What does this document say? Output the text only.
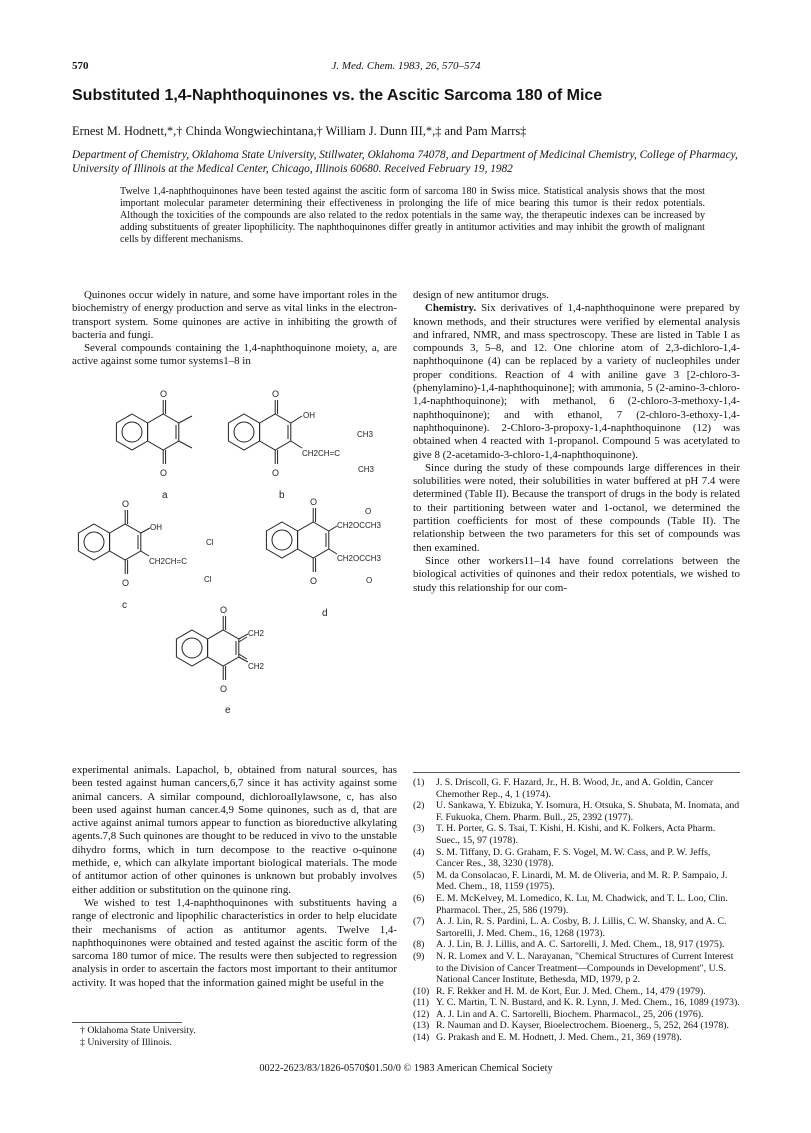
570	J. Med. Chem. 1983, 26, 570–574
Substituted 1,4-Naphthoquinones vs. the Ascitic Sarcoma 180 of Mice
Ernest M. Hodnett,*,† Chinda Wongwiechintana,† William J. Dunn III,*,‡ and Pam Marrs‡
Department of Chemistry, Oklahoma State University, Stillwater, Oklahoma 74078, and Department of Medicinal Chemistry, College of Pharmacy, University of Illinois at the Medical Center, Chicago, Illinois 60680. Received February 19, 1982
Twelve 1,4-naphthoquinones have been tested against the ascitic form of sarcoma 180 in Swiss mice. Statistical analysis shows that the most important molecular parameter determining their effectiveness in prolonging the life of mice bearing this tumor is their redox potentials. Although the toxicities of the compounds are also related to the redox potentials in the same way, the therapeutic indexes can be increased by adding substituents of greater lipophilicity. The naphthoquinones differ greatly in antitumor activities and may inhibit the growth of malignant cells by different mechanisms.

Quinones occur widely in nature, and some have important roles in the biochemistry of energy production and serve as vital links in the electron-transport system. Some quinones are active in inhibiting the growth of bacteria and fungi.

Several compounds containing the 1,4-naphthoquinone moiety, a, are active against some tumor systems1–8 in

O
O
a
O
O
OH
CH2CH=C
CH3
CH3
b
O
O
OH
CH2CH=C
Cl
Cl
c
O
O
CH2OCCH3
CH2OCCH3
O
O
d
O
O
CH2
CH2
e

experimental animals. Lapachol, b, obtained from natural sources, has been tested against human cancers,6,7 since it has activity against some animal cancers. A similar compound, dichloroallylawsone, c, has also been used against human cancer.4,9 Some quinones, such as d, that are active against animal tumors appear to function as bioreductive alkylating agents.7,8 Such quinones are thought to be reduced in vivo to the unstable dihydro forms, which in turn decompose to the reactive o-quinone methide, e, which can alkylate important biological materials. The mode of antitumor action of other quinones is unknown but probably involves either addition or substitution on the quinone ring.

We wished to test 1,4-naphthoquinones with substituents having a range of electronic and lipophilic characteristics in order to help elucidate their mechanisms of action as antitumor agents. Twelve 1,4-naphthoquinones were obtained and tested against the ascitic form of the sarcoma 180 tumor of mice. The results were then subjected to regression analysis in order to ascertain the factors most important to their antitumor activity. It was hoped that the information gained might be useful in the

† Oklahoma State University.
‡ University of Illinois.

design of new antitumor drugs.

Chemistry. Six derivatives of 1,4-naphthoquinone were prepared by known methods, and their structures were verified by elemental analysis and infrared, NMR, and mass spectroscopy. These are listed in Table I as compounds 3, 5–8, and 12. One chlorine atom of 2,3-dichloro-1,4-naphthoquinone (4) can be replaced by a variety of nucleophiles under proper conditions. Reaction of 4 with aniline gave 3 [2-chloro-3-(phenylamino)-1,4-naphthoquinone]; with ammonia, 5 (2-amino-3-chloro-1,4-naphthoquinone); with methanol, 6 (2-chloro-3-methoxy-1,4-naphthoquinone); and with ethanol, 7 (2-chloro-3-ethoxy-1,4-naphthoquinone). 2-Chloro-3-propoxy-1,4-naphthoquinone (12) was obtained when 4 reacted with 1-propanol. Compound 5 was acetylated to give 8 (2-acetamido-3-chloro-1,4-naphthoquinone).

Since during the study of these compounds large differences in their solubilities were noted, their solubilities in water buffered at pH 7.4 were determined (Table II). Because the transport of drugs in the body is related to their partitioning between water and 1-octanol, we determined the partition coefficients for most of these compounds (Table II). The relationship between the two parameters for this set of compounds was then examined.

Since other workers11–14 have found correlations between the biological activities of quinones and their redox potentials, we wished to study this relationship for our com-

(1)	J. S. Driscoll, G. F. Hazard, Jr., H. B. Wood, Jr., and A. Goldin, Cancer Chemother Rep., 4, 1 (1974).
(2)	U. Sankawa, Y. Ebizuka, Y. Isomura, H. Otsuka, S. Shubata, M. Inomata, and F. Fukuoka, Chem. Pharm. Bull., 25, 2392 (1977).
(3)	T. H. Porter, G. S. Tsai, T. Kishi, H. Kishi, and K. Folkers, Acta Pharm. Suec., 15, 97 (1978).
(4)	S. M. Tiffany, D. G. Graham, F. S. Vogel, M. W. Cass, and P. W. Jeffs, Cancer Res., 38, 3230 (1978).
(5)	M. da Consolacao, F. Linardi, M. M. de Oliveria, and M. R. P. Sampaio, J. Med. Chem., 18, 1159 (1975).
(6)	E. M. McKelvey, M. Lomedico, K. Lu, M. Chadwick, and T. L. Loo, Clin. Pharmacol. Ther., 25, 586 (1979).
(7)	A. J. Lin, R. S. Pardini, L. A. Cosby, B. J. Lillis, C. W. Shansky, and A. C. Sartorelli, J. Med. Chem., 16, 1268 (1973).
(8)	A. J. Lin, B. J. Lillis, and A. C. Sartorelli, J. Med. Chem., 18, 917 (1975).
(9)	N. R. Lomex and V. L. Narayanan, "Chemical Structures of Current Interest to the Division of Cancer Treatment—Compounds in Development", U.S. National Cancer Institute, Bethesda, MD, 1979, p 2.
(10) R. F. Rekker and H. M. de Kort, Eur. J. Med. Chem., 14, 479 (1979).
(11) Y. C. Martin, T. N. Bustard, and K. R. Lynn, J. Med. Chem., 16, 1089 (1973).
(12) A. J. Lin and A. C. Sartorelli, Biochem. Pharmacol., 25, 206 (1976).
(13) R. Nauman and D. Kayser, Bioelectrochem. Bioenerg., 5, 252, 264 (1978).
(14) G. Prakash and E. M. Hodnett, J. Med. Chem., 21, 369 (1978).
0022-2623/83/1826-0570$01.50/0 © 1983 American Chemical Society
